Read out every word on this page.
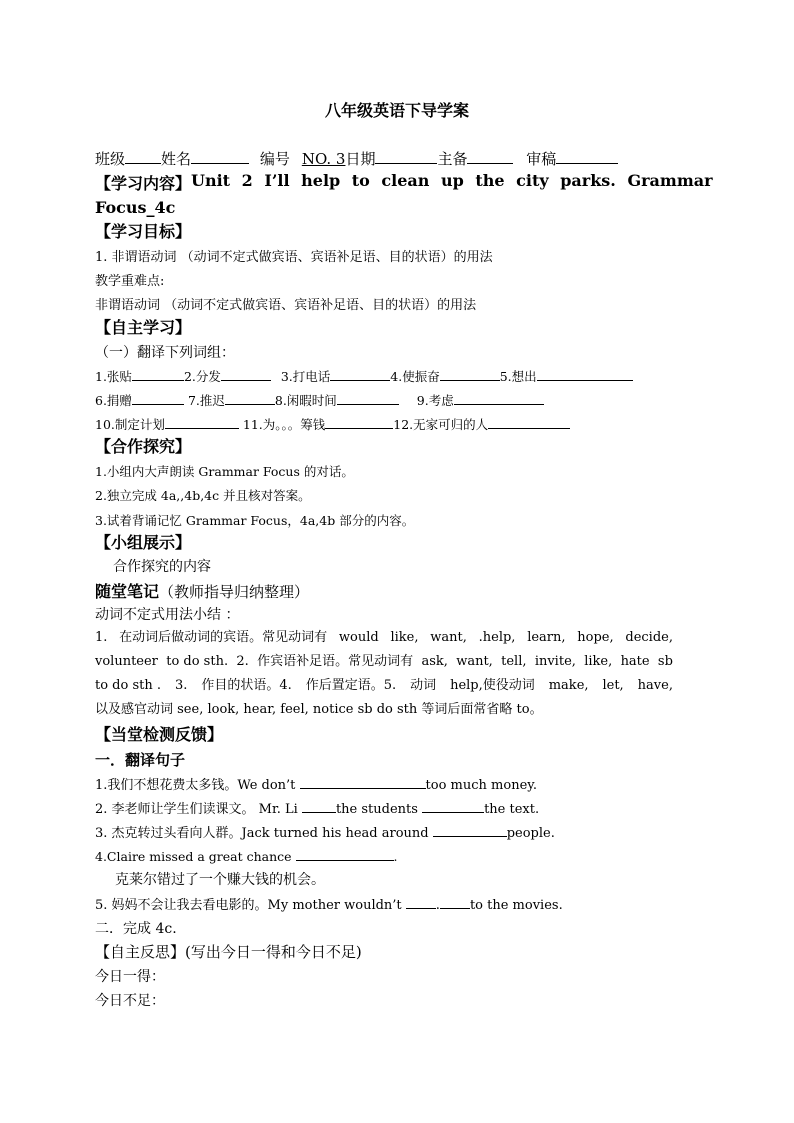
八年级英语下导学案
班级 姓名	编号 NO. 3日期	主备	审稿
【学习内容】 Unit 2 I’ll help to clean up the city parks. Grammar
Focus_4c
【学习目标】
1. 非谓语动词 （动词不定式做宾语、宾语补足语、目的状语）的用法
教学重难点:
非谓语动词 （动词不定式做宾语、宾语补足语、目的状语）的用法
【自主学习】
（一）翻译下列词组：
1.张贴	2.分发	3.打电话	4.使振奋	5.想出
6.捐赠	7.推迟	8.闲暇时间	9.考虑
10.制定计划	11.为。。。筹钱	12.无家可归的人
【合作探究】
1.小组内大声朗读 Grammar Focus 的对话。
2.独立完成 4a,,4b,4c 并且核对答案。
3.试着背诵记忆 Grammar Focus，4a,4b 部分的内容。
【小组展示】
合作探究的内容
随堂笔记（教师指导归纳整理）
动词不定式用法小结 ：
1. 在动词后做动词的宾语。常见动词有 would like, want, .help, learn, hope, decide,
volunteer to do sth. 2. 作宾语补足语。常见动词有 ask, want, tell, invite, like, hate sb
to do sth . 3. 作目的状语。4. 作后置定语。5. 动词 help,使役动词 make, let, have,
以及感官动词 see, look, hear, feel, notice sb do sth 等词后面常省略 to。
【当堂检测反馈】
一．翻译句子
1.我们不想花费太多钱。We don’t	too much money.
2. 李老师让学生们读课文。 Mr. Li	the students	the text.
3. 杰克转过头看向人群。Jack turned his head around	people.
4.Claire missed a great chance	.
克莱尔错过了一个赚大钱的机会。
5. 妈妈不会让我去看电影的。My mother wouldn’t . to the movies.
二．完成 4c.
【自主反思】(写出今日一得和今日不足)
今日一得：
今日不足：
